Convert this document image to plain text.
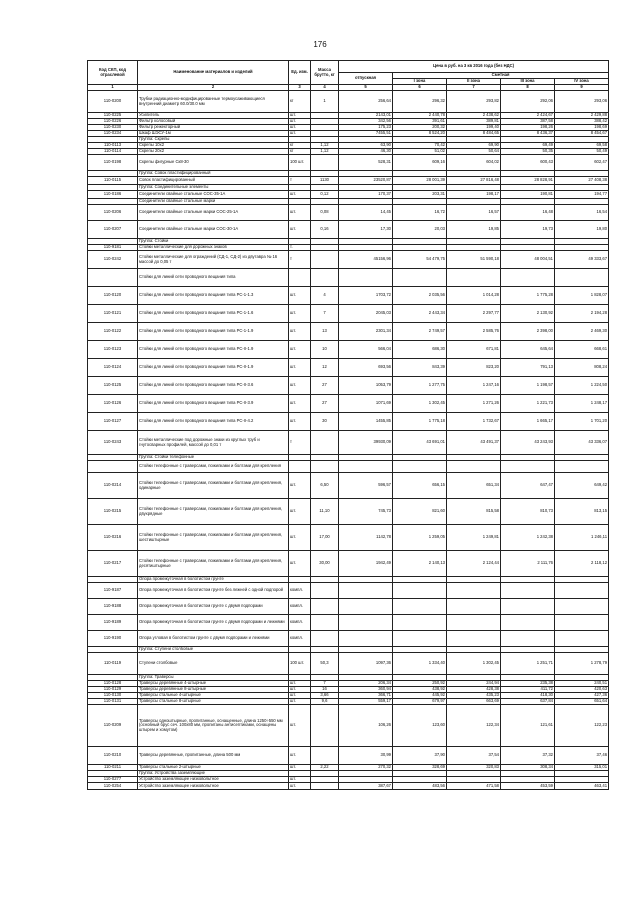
176
Код СКП, код отраслевой	Наименование материалов и изделий	Ед. изм.	Масса брутто, кг	Цена в руб. на 3 кв 2016 года (без НДС)				
				отпускная	Сметная			
					I зона	II зона	III зона	IV зона
1	2	3	4	5	6	7	8	9
110-0200	Трубки радиационно-модифицированные термоусаживающиеся внутренний диаметр 60.0/30.0 мм	кг	1	256,64	296,32	293,82	292,06	293,06
110-0225	Усилитель	шт.		2143,01	2 440,78	2 438,62	2 424,67	2 429,88
110-0226	Фильтр колосовый	шт.		342,56	391,61	389,81	387,58	388,42
110-0230	Фильтр режекторный	шт.		175,23	200,32	199,40	198,26	198,69
110-0234	Шкаф ШЭСУ-1м	шт.		7455,51	8 524,20	8 484,65	8 436,37	8 454,67
	Группа: Скрепы							
110-0113	Скрепы 10х2	кг	1,12	63,90	70,42	69,90	69,49	69,58
110-0114	Скрепы 20х2	кг	1,12	46,30	51,02	50,64	50,35	50,49
110-0198	Скрепы фигурные Ск8-30	100 шт.		528,31	609,16	604,02	600,43	602,47
	Группа: Совок пластифицированный							
110-0115	Совок пластифицированный	т	1130	23520,87	28 001,39	27 816,48	28 828,91	27 408,38
	Группа: Соединительные элементы							
110-0186	Соединители свайные стальные СОС-35-1А	шт.	0,12	170,37	203,31	198,17	190,81	194,77
	Соединители свайные стальные марки							
110-0206	Соединители свайные стальные марки СОС-25-1А	шт.	0,08	14,45	16,72	16,57	16,48	16,54
110-0207	Соединители свайные стальные марки СОС-30-1А	шт.	0,16	17,30	20,03	19,85	19,73	19,80
	Группа: Стойки							
110-9181	Стойки металлические для дорожных знаков	т.						
110-0242	Стойки металлические для ограждений (СД-1, СД-2) из двутавра № 16 массой до 0,05 т	т		45156,96	54 479,75	51 590,18	48 004,51	49 333,67
	Стойки для линий сети проводного вещания типа							
110-0120	Стойки для линий сети проводного вещания типа РС-1-1.3	шт.	4	1703,72	2 035,56	1 014,28	1 775,28	1 828,07
110-0121	Стойки для линий сети проводного вещания типа РС-1-1.6	шт.	7	2045,03	2 443,34	2 297,77	2 130,92	2 194,28
110-0122	Стойки для линий сети проводного вещания типа РС-1-1.9	шт.	13	2301,34	2 749,57	2 585,76	2 398,00	2 469,30
110-0123	Стойки для линий сети проводного вещания типа РС-II-1.9	шт.	10	566,04	686,30	671,81	645,64	668,61
110-0124	Стойки для линий сети проводного вещания типа РС-II-1.9	шт.	12	693,56	843,39	823,20	791,13	808,24
110-0125	Стойки для линий сети проводного вещания типа РС-II-3.6	шт.	27	1053,79	1 277,75	1 247,16	1 198,57	1 224,50
110-0126	Стойки для линий сети проводного вещания типа РС-II-3.9	шт.	27	1071,69	1 302,45	1 271,26	1 221,73	1 248,17
110-0127	Стойки для линий сети проводного вещания типа РС-II-4.2	шт.	30	1455,85	1 775,18	1 732,67	1 665,17	1 701,20
110-0243	Стойки металлические под дорожные знаки из круглых труб и гнутосварных профилей, массой до 0,01 т	т		39930,09	43 691,01	43 491,37	43 243,93	43 336,07
	Группа: Стойки телефонные							
	Стойки телефонные с траверсами, пожилками и болтами для крепления							
110-0214	Стойки телефонные с траверсами, пожилками и болтами для крепления, одинарные	шт.	6,50	596,57	656,15	651,34	647,47	649,42
110-0215	Стойки телефонные с траверсами, пожилками и болтами для крепления, двухрядные	шт.	11,10	745,73	821,60	815,58	810,73	813,15
110-0216	Стойки телефонные с траверсами, пожилками и болтами для крепления, шестиштырные	шт.	17,00	1142,78	1 259,05	1 249,81	1 242,38	1 246,11
110-0217	Стойки телефонные с траверсами, пожилками и болтами для крепления, десятиштырные	шт.	30,00	1942,49	2 140,13	2 124,44	2 111,76	2 118,12
	Опора промежуточная в болотистом грунте							
110-9187	Опора промежуточная в болотистом грунте без лежней с одной подпорой	компл.						
110-9188	Опора промежуточная в болотистом грунте с двумя подпорами	компл.						
110-9189	Опора промежуточная в болотистом грунте с двумя подпорами и лежнями	компл.						
110-9190	Опора угловая в болотистом грунте с двумя подпорами и лежнями	компл.						
	Группа: Ступени столбовые							
110-0119	Ступени столбовые	100 шт.	50,3	1097,36	1 334,40	1 302,45	1 251,71	1 278,79
	Группа: Траверсы							
110-0128	Траверсы деревянные 4-штырные	шт.	7	206,34	250,92	244,94	235,38	240,51
110-0129	Траверсы деревянные 8-штырные	шт.	16	360,94	438,92	428,38	411,72	420,63
110-0130	Траверсы стальные 4-штырные	шт.	3,66	366,71	445,92	435,23	418,30	427,36
110-0131	Траверсы стальные 8-штырные	шт.	9,6	559,17	679,97	663,69	637,84	651,64
110-0209	Траверсы одноштырные, пропитанные, оснащенные, длина 1250÷550 мм (основный брус сеч. 100х80 мм, пропитаны антисептиками, оснащены штырем и хомутом)	шт.		106,26	123,60	122,34	121,61	122,23
110-0210	Траверсы деревянные, пропитанные, длина 500 мм	шт.		30,99	37,90	37,54	37,32	37,46
110-0211	Траверсы стальные 2-штырные	шт.	2,22	270,32	328,69	320,83	308,34	315,01
	Группа: Устройства заземляющие							
110-0277	Устройство заземляющее низковольтное	шт.						
110-0254	Устройство заземляющее низковольтное	шт.		387,67	483,56	471,58	453,59	463,41
